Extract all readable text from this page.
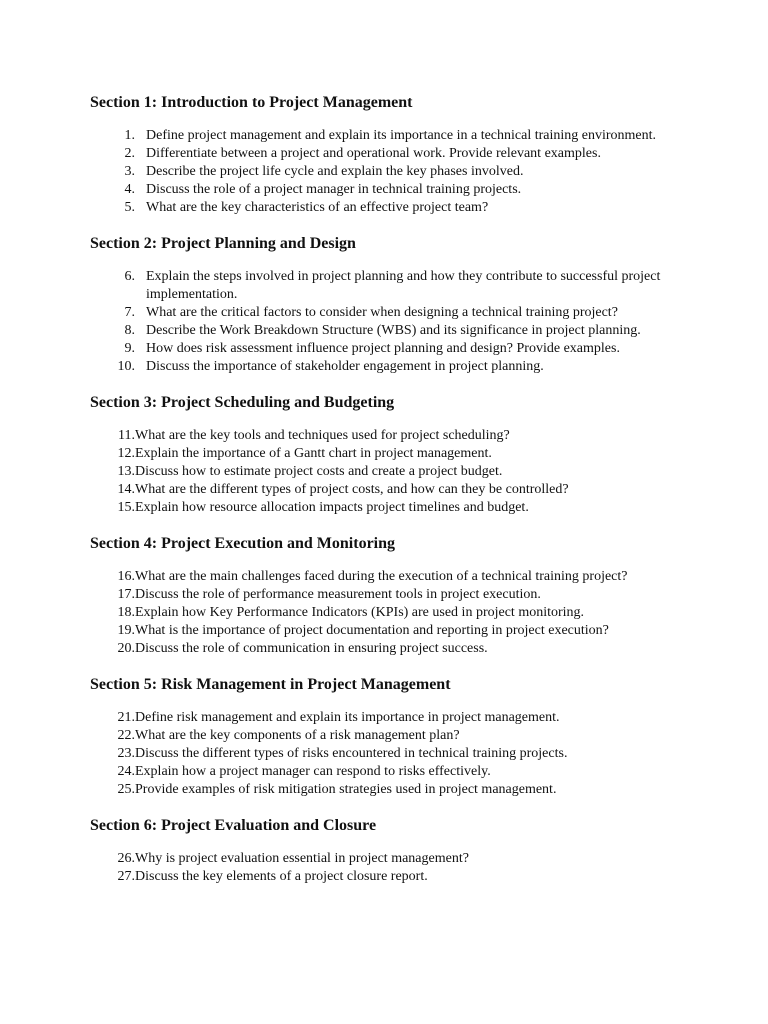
Section 1: Introduction to Project Management
1. Define project management and explain its importance in a technical training environment.
2. Differentiate between a project and operational work. Provide relevant examples.
3. Describe the project life cycle and explain the key phases involved.
4. Discuss the role of a project manager in technical training projects.
5. What are the key characteristics of an effective project team?
Section 2: Project Planning and Design
6. Explain the steps involved in project planning and how they contribute to successful project implementation.
7. What are the critical factors to consider when designing a technical training project?
8. Describe the Work Breakdown Structure (WBS) and its significance in project planning.
9. How does risk assessment influence project planning and design? Provide examples.
10. Discuss the importance of stakeholder engagement in project planning.
Section 3: Project Scheduling and Budgeting
11. What are the key tools and techniques used for project scheduling?
12. Explain the importance of a Gantt chart in project management.
13. Discuss how to estimate project costs and create a project budget.
14. What are the different types of project costs, and how can they be controlled?
15. Explain how resource allocation impacts project timelines and budget.
Section 4: Project Execution and Monitoring
16. What are the main challenges faced during the execution of a technical training project?
17. Discuss the role of performance measurement tools in project execution.
18. Explain how Key Performance Indicators (KPIs) are used in project monitoring.
19. What is the importance of project documentation and reporting in project execution?
20. Discuss the role of communication in ensuring project success.
Section 5: Risk Management in Project Management
21. Define risk management and explain its importance in project management.
22. What are the key components of a risk management plan?
23. Discuss the different types of risks encountered in technical training projects.
24. Explain how a project manager can respond to risks effectively.
25. Provide examples of risk mitigation strategies used in project management.
Section 6: Project Evaluation and Closure
26. Why is project evaluation essential in project management?
27. Discuss the key elements of a project closure report.
